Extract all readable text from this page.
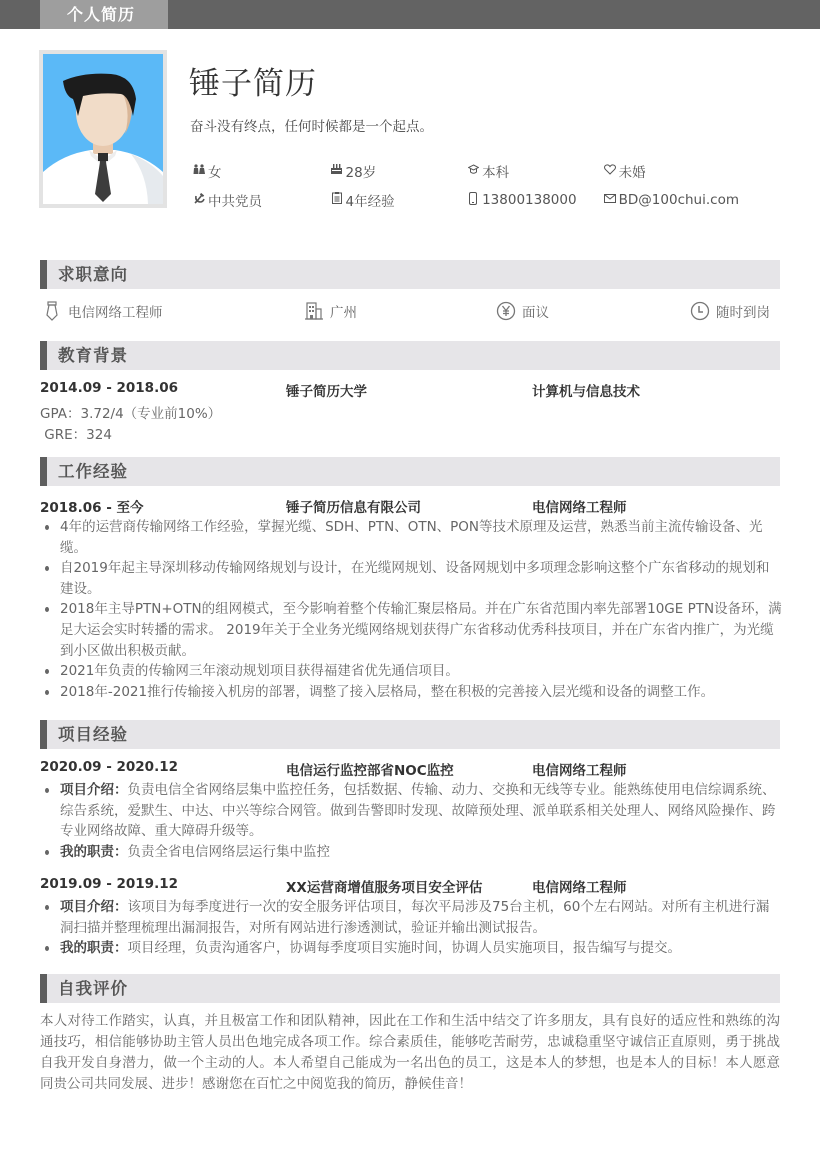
个人简历
锤子简历
奋斗没有终点，任何时候都是一个起点。
女	28岁	本科	未婚
中共党员	4年经验	13800138000	BD@100chui.com
求职意向
电信网络工程师	广州	面议	随时到岗
教育背景
2014.09 - 2018.06	锤子简历大学	计算机与信息技术
GPA：3.72/4（专业前10%）
GRE：324
工作经验
2018.06 - 至今	锤子简历信息有限公司	电信网络工程师
4年的运营商传输网络工作经验，掌握光缆、SDH、PTN、OTN、PON等技术原理及运营，熟悉当前主流传输设备、光缆。
自2019年起主导深圳移动传输网络规划与设计，在光缆网规划、设备网规划中多项理念影响这整个广东省移动的规划和建设。
2018年主导PTN+OTN的组网模式，至今影响着整个传输汇聚层格局。并在广东省范围内率先部署10GE PTN设备环，满足大运会实时转播的需求。 2019年关于全业务光缆网络规划获得广东省移动优秀科技项目，并在广东省内推广，为光缆到小区做出积极贡献。
2021年负责的传输网三年滚动规划项目获得福建省优先通信项目。
2018年-2021推行传输接入机房的部署，调整了接入层格局，整在积极的完善接入层光缆和设备的调整工作。
项目经验
2020.09 - 2020.12	电信运行监控部省NOC监控	电信网络工程师
项目介绍：负责电信全省网络层集中监控任务，包括数据、传输、动力、交换和无线等专业。能熟练使用电信综调系统、综告系统，爱默生、中达、中兴等综合网管。做到告警即时发现、故障预处理、派单联系相关处理人、网络风险操作、跨专业网络故障、重大障碍升级等。
我的职责：负责全省电信网络层运行集中监控
2019.09 - 2019.12	XX运营商增值服务项目安全评估	电信网络工程师
项目介绍：该项目为每季度进行一次的安全服务评估项目，每次平局涉及75台主机，60个左右网站。对所有主机进行漏洞扫描并整理梳理出漏洞报告，对所有网站进行渗透测试，验证并输出测试报告。
我的职责：项目经理，负责沟通客户，协调每季度项目实施时间，协调人员实施项目，报告编写与提交。
自我评价
本人对待工作踏实，认真，并且极富工作和团队精神，因此在工作和生活中结交了许多朋友，具有良好的适应性和熟练的沟通技巧，相信能够协助主管人员出色地完成各项工作。综合素质佳，能够吃苦耐劳，忠诚稳重坚守诚信正直原则，勇于挑战自我开发自身潜力，做一个主动的人。本人希望自己能成为一名出色的员工，这是本人的梦想，也是本人的目标！本人愿意同贵公司共同发展、进步！感谢您在百忙之中阅览我的简历，静候佳音！
